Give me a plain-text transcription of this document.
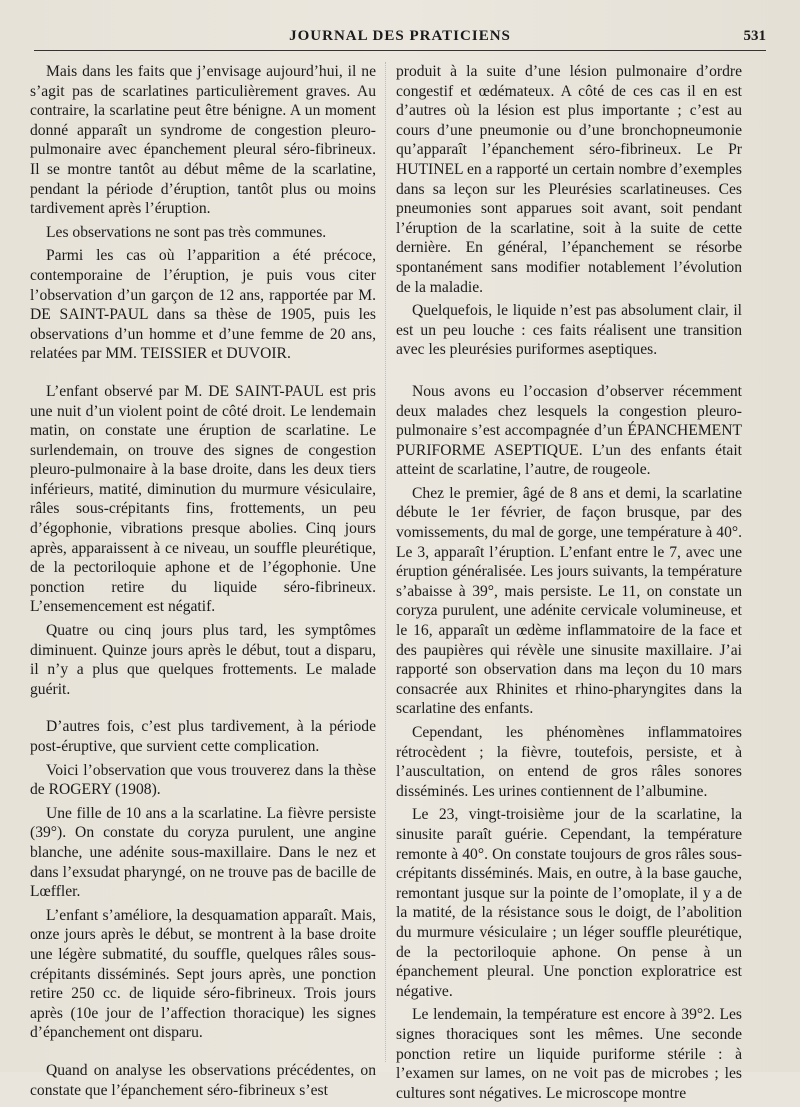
JOURNAL DES PRATICIENS	531

Mais dans les faits que j’envisage aujourd’hui, il ne s’agit pas de scarlatines particulièrement graves. Au contraire, la scarlatine peut être bénigne. A un moment donné apparaît un syndrome de congestion pleuro-pulmonaire avec épanchement pleural séro-fibrineux. Il se montre tantôt au début même de la scarlatine, pendant la période d’éruption, tantôt plus ou moins tardivement après l’éruption.

Les observations ne sont pas très communes.

Parmi les cas où l’apparition a été précoce, contemporaine de l’éruption, je puis vous citer l’observation d’un garçon de 12 ans, rapportée par M. DE SAINT-PAUL dans sa thèse de 1905, puis les observations d’un homme et d’une femme de 20 ans, relatées par MM. TEISSIER et DUVOIR.

L’enfant observé par M. DE SAINT-PAUL est pris une nuit d’un violent point de côté droit. Le lendemain matin, on constate une éruption de scarlatine. Le surlendemain, on trouve des signes de congestion pleuro-pulmonaire à la base droite, dans les deux tiers inférieurs, matité, diminution du murmure vésiculaire, râles sous-crépitants fins, frottements, un peu d’égophonie, vibrations presque abolies. Cinq jours après, apparaissent à ce niveau, un souffle pleurétique, de la pectoriloquie aphone et de l’égophonie. Une ponction retire du liquide séro-fibrineux. L’ensemencement est négatif.

Quatre ou cinq jours plus tard, les symptômes diminuent. Quinze jours après le début, tout a disparu, il n’y a plus que quelques frottements. Le malade guérit.

D’autres fois, c’est plus tardivement, à la période post-éruptive, que survient cette complication.

Voici l’observation que vous trouverez dans la thèse de ROGERY (1908).

Une fille de 10 ans a la scarlatine. La fièvre persiste (39°). On constate du coryza purulent, une angine blanche, une adénite sous-maxillaire. Dans le nez et dans l’exsudat pharyngé, on ne trouve pas de bacille de Lœffler.

L’enfant s’améliore, la desquamation apparaît. Mais, onze jours après le début, se montrent à la base droite une légère submatité, du souffle, quelques râles sous-crépitants disséminés. Sept jours après, une ponction retire 250 cc. de liquide séro-fibrineux. Trois jours après (10e jour de l’affection thoracique) les signes d’épanchement ont disparu.

Quand on analyse les observations précédentes, on constate que l’épanchement séro-fibrineux s’est

produit à la suite d’une lésion pulmonaire d’ordre congestif et œdémateux. A côté de ces cas il en est d’autres où la lésion est plus importante ; c’est au cours d’une pneumonie ou d’une bronchopneumonie qu’apparaît l’épanchement séro-fibrineux. Le Pr HUTINEL en a rapporté un certain nombre d’exemples dans sa leçon sur les Pleurésies scarlatineuses. Ces pneumonies sont apparues soit avant, soit pendant l’éruption de la scarlatine, soit à la suite de cette dernière. En général, l’épanchement se résorbe spontanément sans modifier notablement l’évolution de la maladie.

Quelquefois, le liquide n’est pas absolument clair, il est un peu louche : ces faits réalisent une transition avec les pleurésies puriformes aseptiques.

Nous avons eu l’occasion d’observer récemment deux malades chez lesquels la congestion pleuro-pulmonaire s’est accompagnée d’un ÉPANCHEMENT PURIFORME ASEPTIQUE. L’un des enfants était atteint de scarlatine, l’autre, de rougeole.

Chez le premier, âgé de 8 ans et demi, la scarlatine débute le 1er février, de façon brusque, par des vomissements, du mal de gorge, une température à 40°. Le 3, apparaît l’éruption. L’enfant entre le 7, avec une éruption généralisée. Les jours suivants, la température s’abaisse à 39°, mais persiste. Le 11, on constate un coryza purulent, une adénite cervicale volumineuse, et le 16, apparaît un œdème inflammatoire de la face et des paupières qui révèle une sinusite maxillaire. J’ai rapporté son observation dans ma leçon du 10 mars consacrée aux Rhinites et rhino-pharyngites dans la scarlatine des enfants.

Cependant, les phénomènes inflammatoires rétrocèdent ; la fièvre, toutefois, persiste, et à l’auscultation, on entend de gros râles sonores disséminés. Les urines contiennent de l’albumine.

Le 23, vingt-troisième jour de la scarlatine, la sinusite paraît guérie. Cependant, la température remonte à 40°. On constate toujours de gros râles sous-crépitants disséminés. Mais, en outre, à la base gauche, remontant jusque sur la pointe de l’omoplate, il y a de la matité, de la résistance sous le doigt, de l’abolition du murmure vésiculaire ; un léger souffle pleurétique, de la pectoriloquie aphone. On pense à un épanchement pleural. Une ponction exploratrice est négative.

Le lendemain, la température est encore à 39°2. Les signes thoraciques sont les mêmes. Une seconde ponction retire un liquide puriforme stérile : à l’examen sur lames, on ne voit pas de microbes ; les cultures sont négatives. Le microscope montre
